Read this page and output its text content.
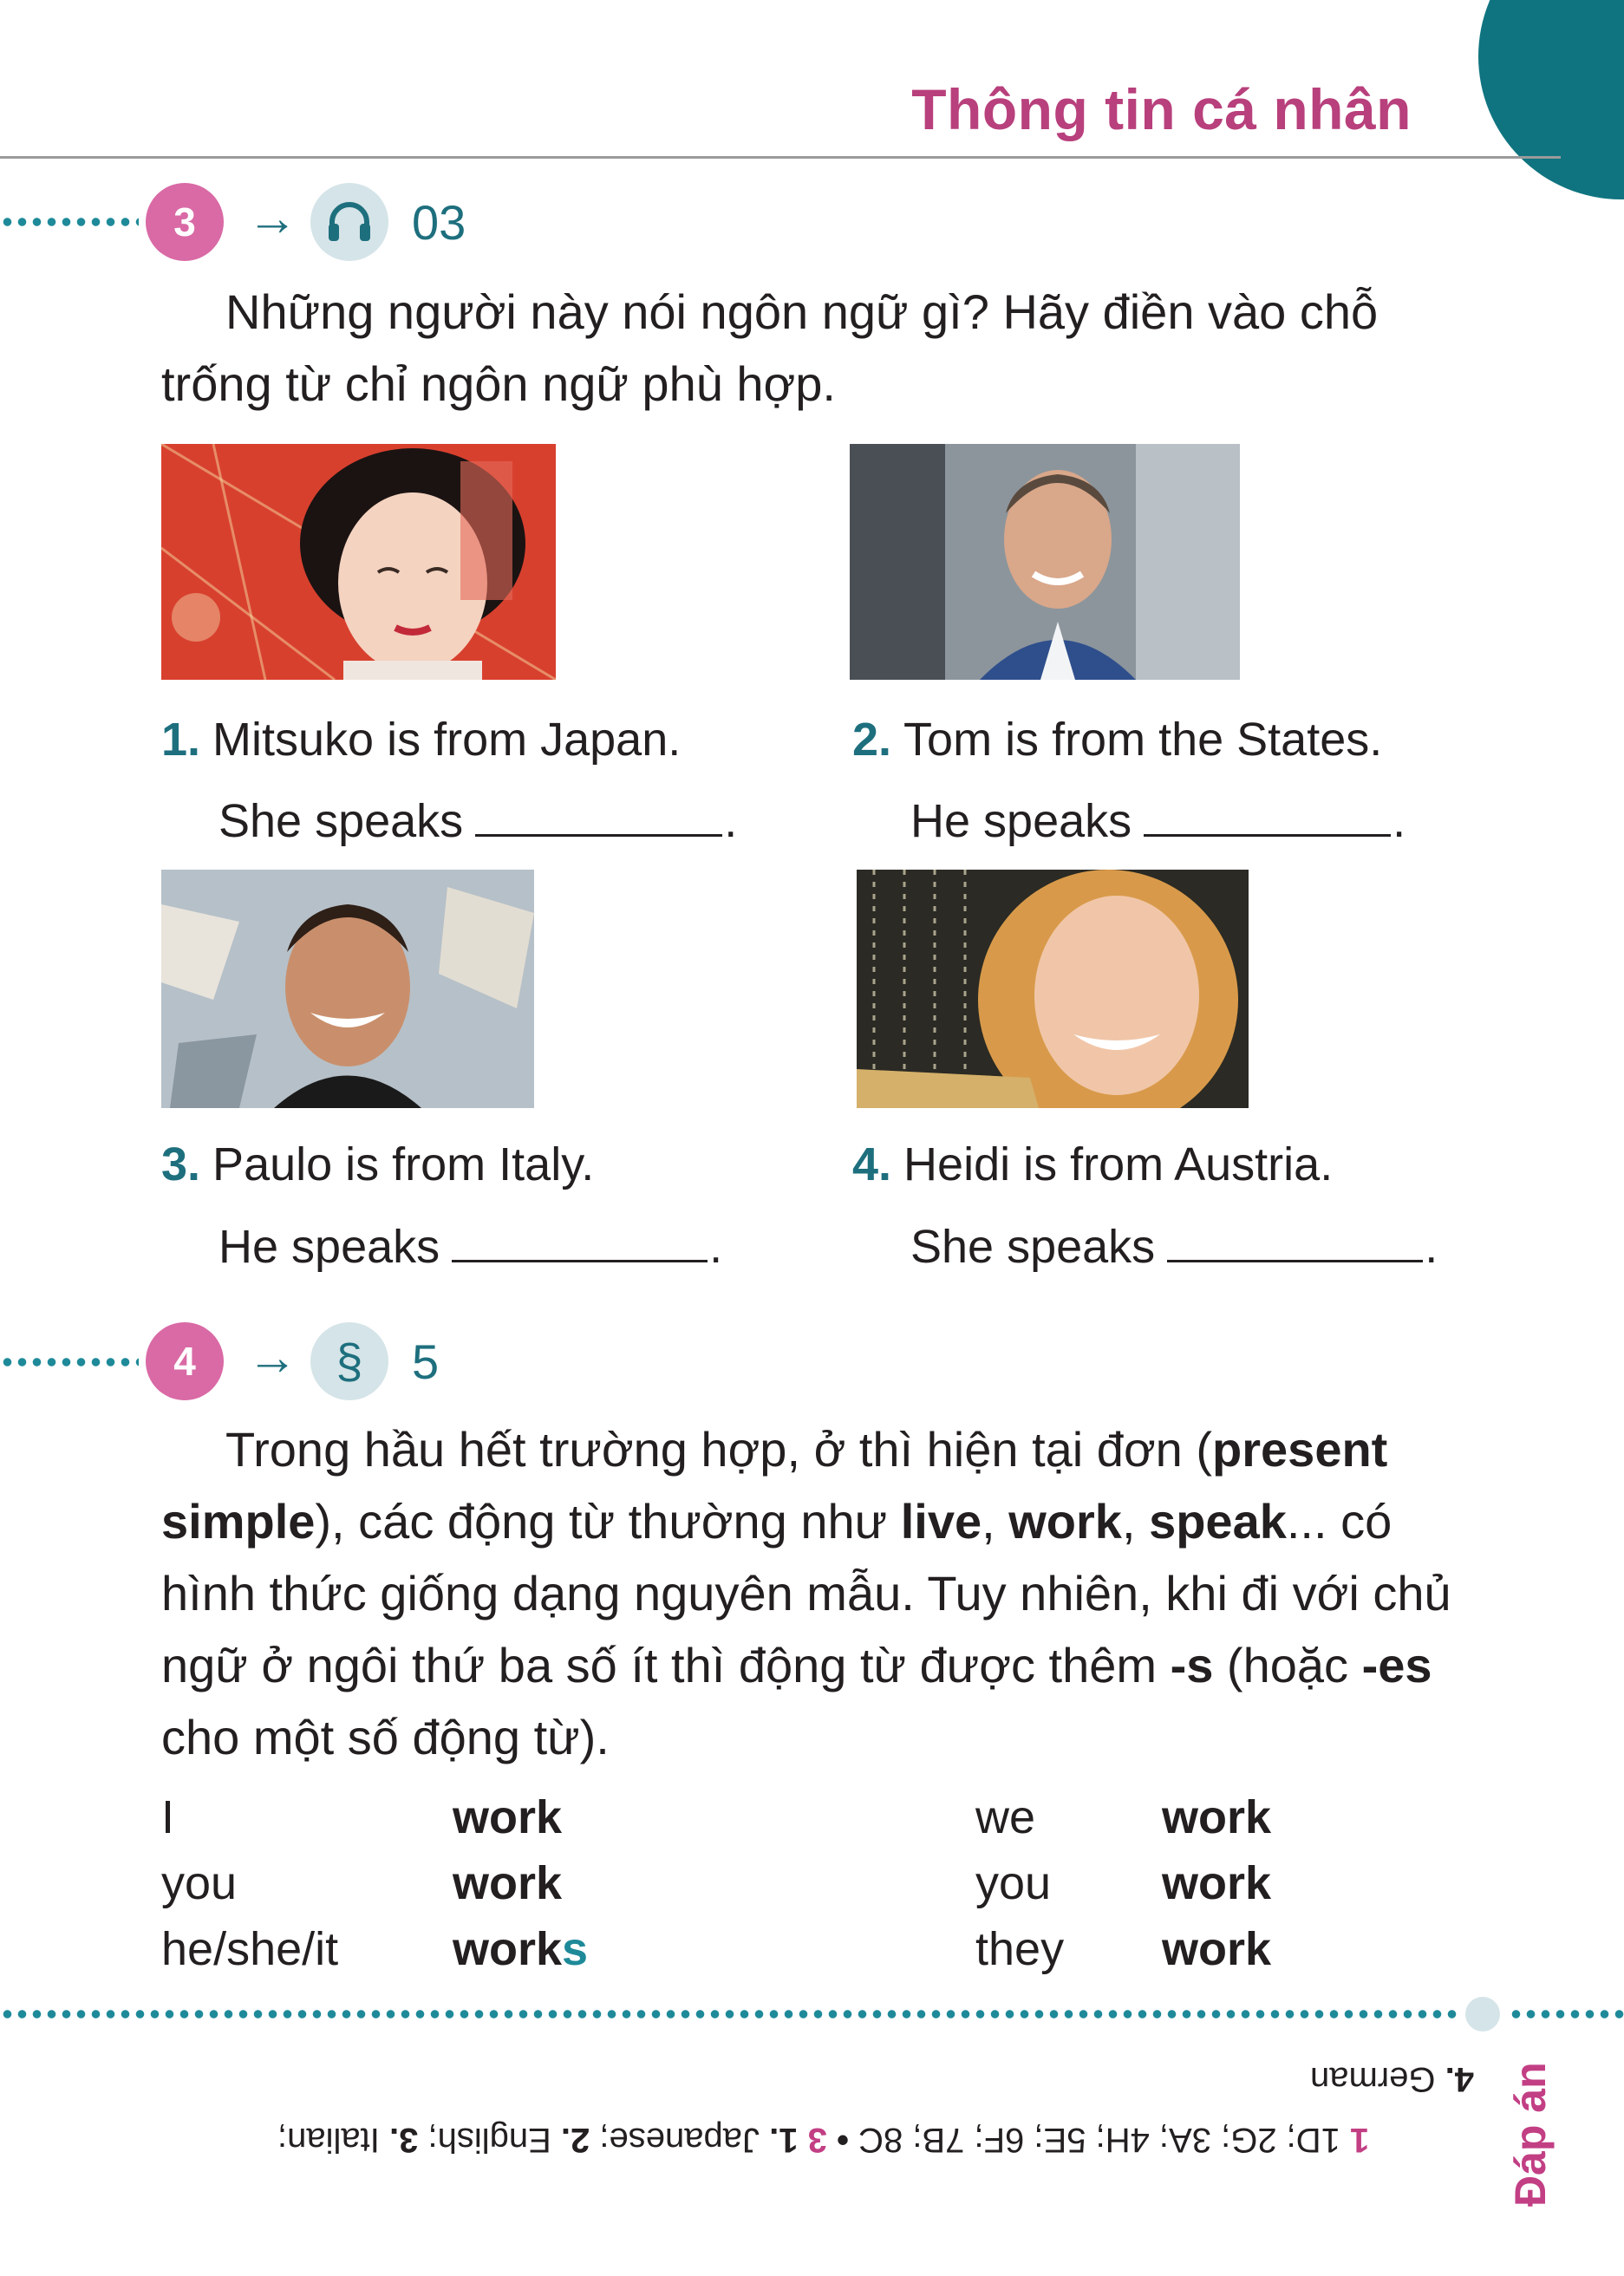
Thông tin cá nhân
3	→ 03
Những người này nói ngôn ngữ gì? Hãy điền vào chỗ trống từ chỉ ngôn ngữ phù hợp.
1. Mitsuko is from Japan.
She speaks	.
2. Tom is from the States.
He speaks	.
3. Paulo is from Italy.
He speaks	.
4. Heidi is from Austria.
She speaks	.
4	→ §	5
Trong hầu hết trường hợp, ở thì hiện tại đơn (present simple), các động từ thường như live, work, speak... có hình thức giống dạng nguyên mẫu. Tuy nhiên, khi đi với chủ ngữ ở ngôi thứ ba số ít thì động từ được thêm -s (hoặc -es cho một số động từ).
I	work
you	work
he/she/it works
we	work
you work
they work
Đáp án
1 1D; 2G; 3A; 4H; 5E; 6F; 7B; 8C • 3 1. Japanese; 2. English; 3. Italian;
4. German
